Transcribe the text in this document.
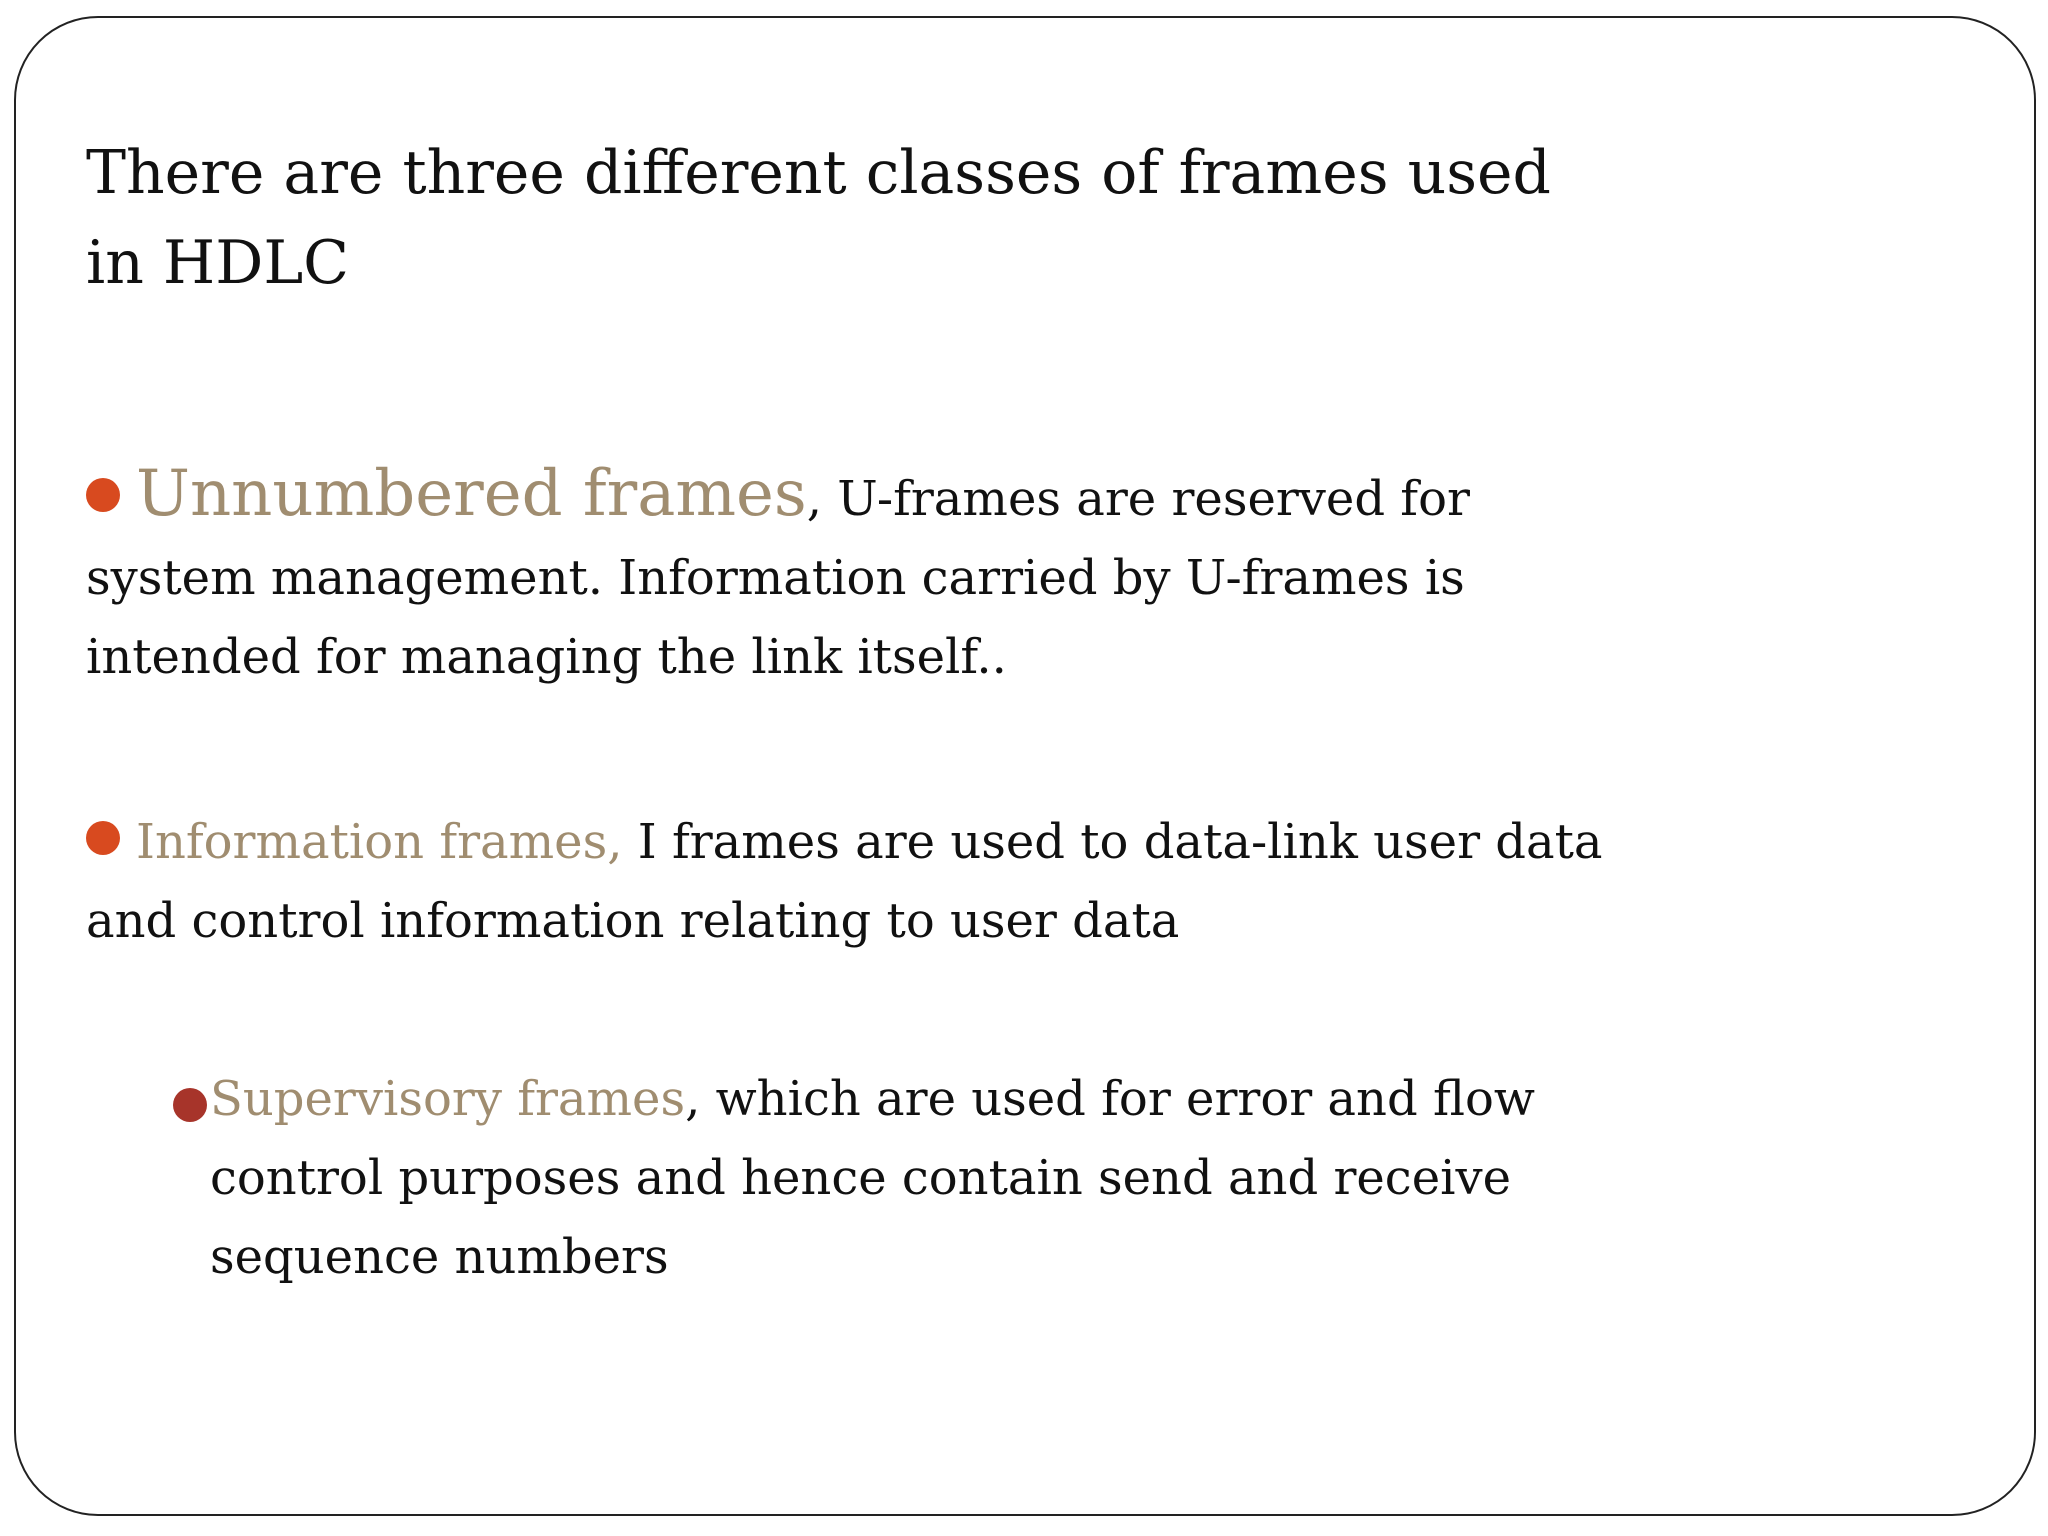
There are three different classes of frames used in HDLC

Unnumbered frames, U-frames are reserved for system management. Information carried by U-frames is intended for managing the link itself..

Information frames, I frames are used to data-link user data and control information relating to user data

Supervisory frames, which are used for error and flow control purposes and hence contain send and receive sequence numbers
